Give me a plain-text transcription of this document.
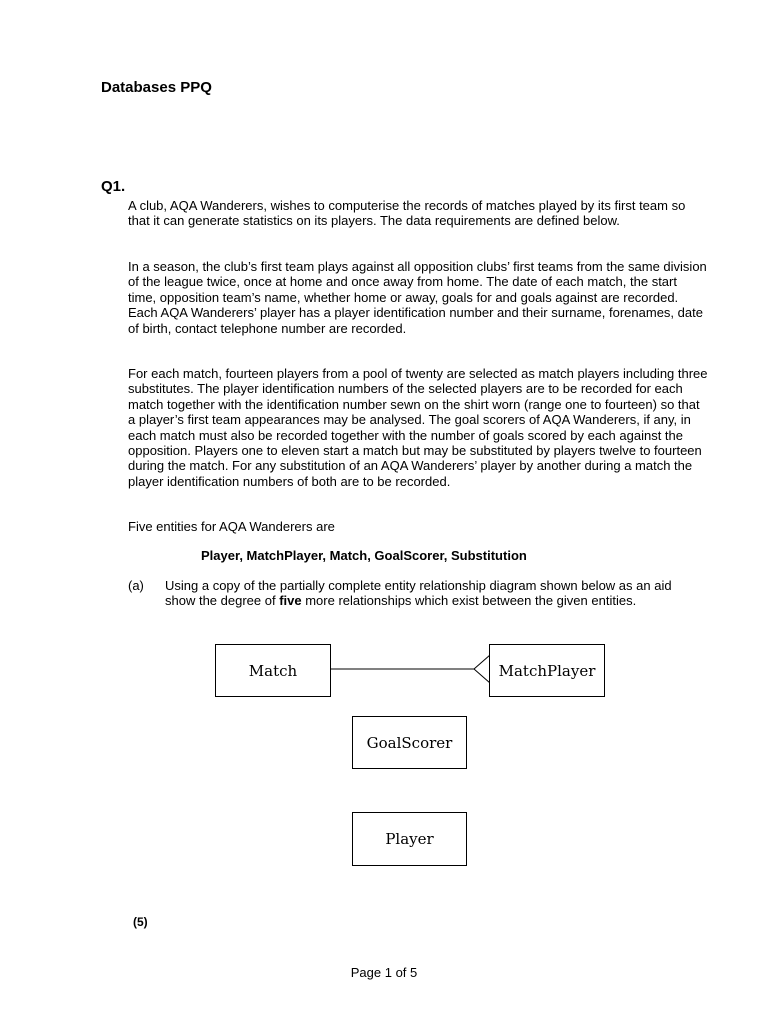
Databases PPQ
Q1.

A club, AQA Wanderers, wishes to computerise the records of matches played by its first team so that it can generate statistics on its players. The data requirements are defined below.

In a season, the club’s first team plays against all opposition clubs’ first teams from the same division of the league twice, once at home and once away from home. The date of each match, the start time, opposition team’s name, whether home or away, goals for and goals against are recorded. Each AQA Wanderers’ player has a player identification number and their surname, forenames, date of birth, contact telephone number are recorded.

For each match, fourteen players from a pool of twenty are selected as match players including three substitutes. The player identification numbers of the selected players are to be recorded for each match together with the identification number sewn on the shirt worn (range one to fourteen) so that a player’s first team appearances may be analysed. The goal scorers of AQA Wanderers, if any, in each match must also be recorded together with the number of goals scored by each against the opposition. Players one to eleven start a match but may be substituted by players twelve to fourteen during the match. For any substitution of an AQA Wanderers’ player by another during a match the player identification numbers of both are to be recorded.

Five entities for AQA Wanderers are

Player, MatchPlayer, Match, GoalScorer, Substitution
(a) Using a copy of the partially complete entity relationship diagram shown below as an aid show the degree of five more relationships which exist between the given entities.

Match	MatchPlayer
GoalScorer
Player
(5)
Page 1 of 5
